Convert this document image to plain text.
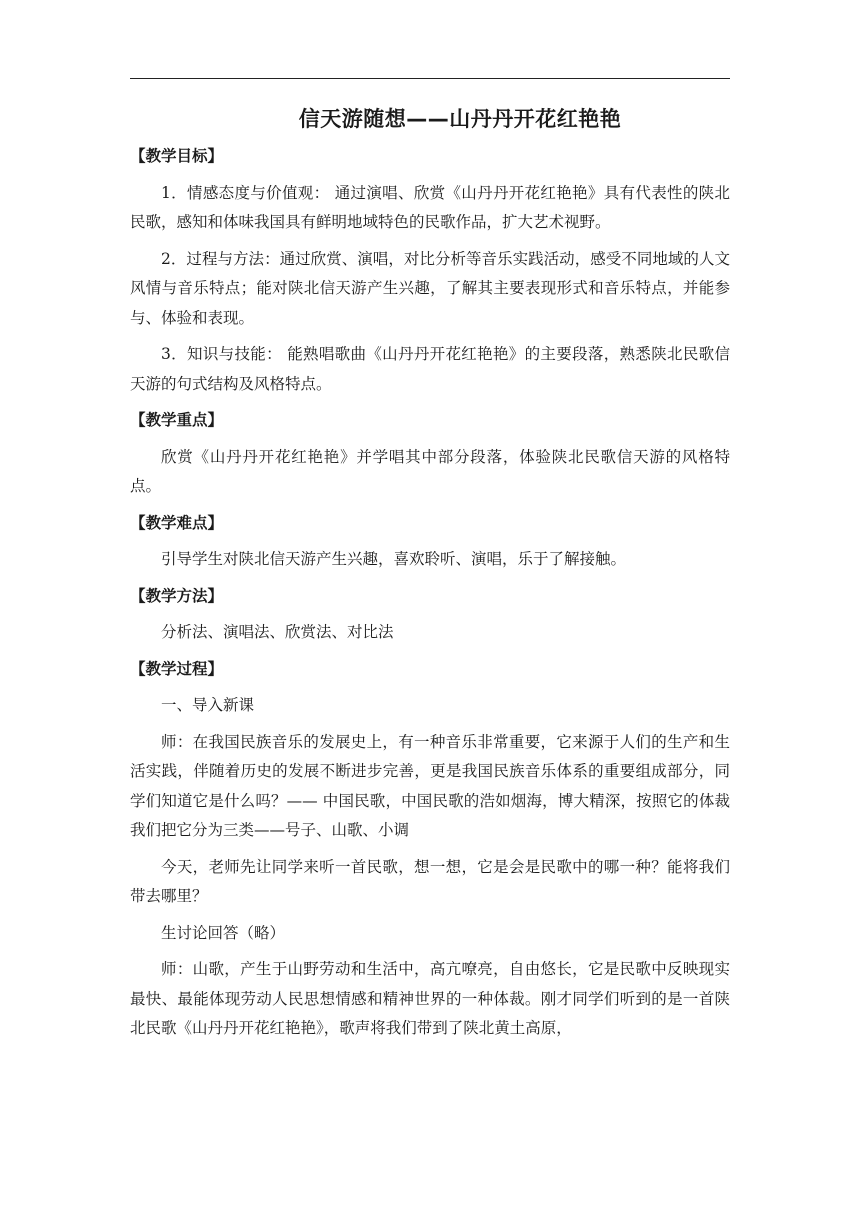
信天游随想——山丹丹开花红艳艳
【教学目标】

1．情感态度与价值观： 通过演唱、欣赏《山丹丹开花红艳艳》具有代表性的陕北民歌，感知和体味我国具有鲜明地域特色的民歌作品，扩大艺术视野。

2．过程与方法：通过欣赏、演唱，对比分析等音乐实践活动，感受不同地域的人文风情与音乐特点；能对陕北信天游产生兴趣，了解其主要表现形式和音乐特点，并能参与、体验和表现。

3．知识与技能： 能熟唱歌曲《山丹丹开花红艳艳》的主要段落，熟悉陕北民歌信天游的句式结构及风格特点。

【教学重点】

欣赏《山丹丹开花红艳艳》并学唱其中部分段落，体验陕北民歌信天游的风格特点。

【教学难点】

引导学生对陕北信天游产生兴趣，喜欢聆听、演唱，乐于了解接触。

【教学方法】

分析法、演唱法、欣赏法、对比法

【教学过程】

一、导入新课

师：在我国民族音乐的发展史上，有一种音乐非常重要，它来源于人们的生产和生活实践，伴随着历史的发展不断进步完善，更是我国民族音乐体系的重要组成部分，同学们知道它是什么吗？—— 中国民歌，中国民歌的浩如烟海，博大精深，按照它的体裁我们把它分为三类——号子、山歌、小调

今天，老师先让同学来听一首民歌，想一想，它是会是民歌中的哪一种？能将我们带去哪里？

生讨论回答（略）

师：山歌，产生于山野劳动和生活中，高亢嘹亮，自由悠长，它是民歌中反映现实最快、最能体现劳动人民思想情感和精神世界的一种体裁。刚才同学们听到的是一首陕北民歌《山丹丹开花红艳艳》，歌声将我们带到了陕北黄土高原，
